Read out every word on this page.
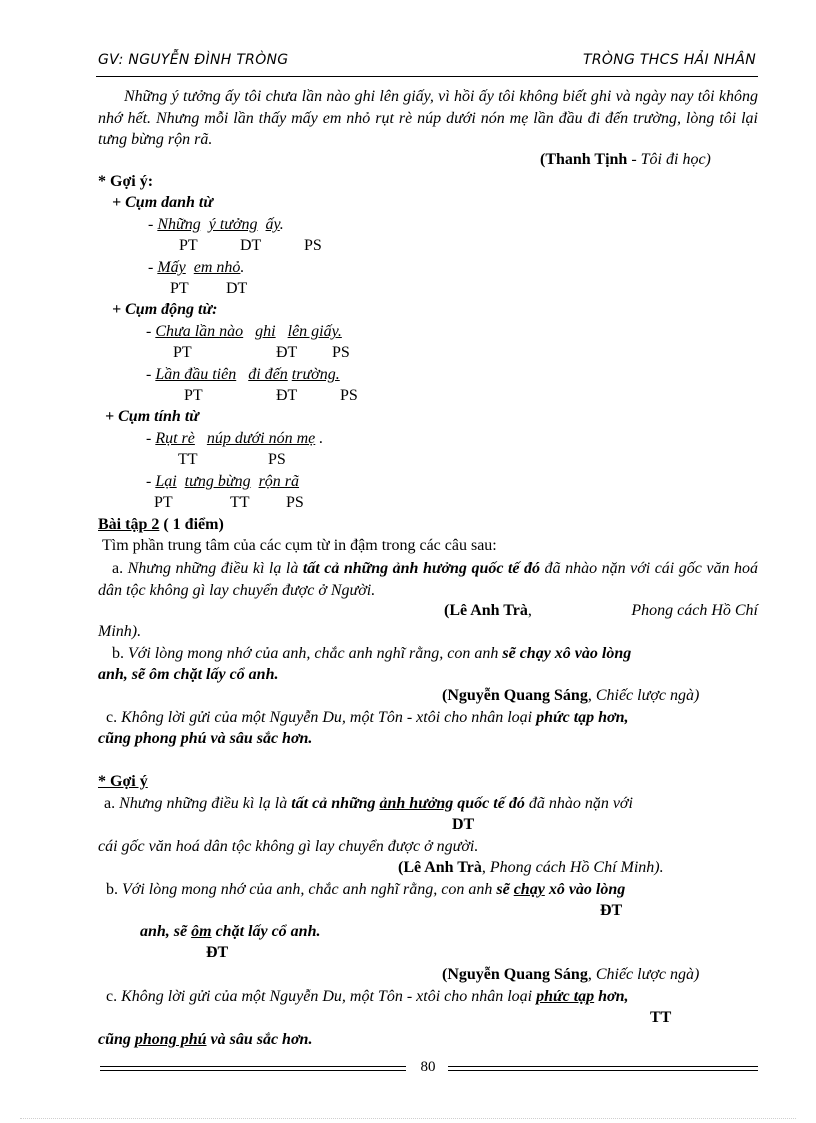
GV: NGUYỄN ĐÌNH TRÒNG	TRÒNG THCS HẢI NHÂN
Những ý tưởng ấy tôi chưa lần nào ghi lên giấy, vì hồi ấy tôi không biết ghi và ngày nay tôi không nhớ hết. Nhưng mỗi lần thấy mấy em nhỏ rụt rè núp dưới nón mẹ lần đầu đi đến trường, lòng tôi lại tưng bừng rộn rã.
(Thanh Tịnh - Tôi đi học)
* Gợi ý:
+ Cụm danh từ
- Những ý tưởng ấy.
PT	DT	PS
- Mấy em nhỏ.
PT DT
+ Cụm động từ:
- Chưa lần nào ghi lên giấy.
PT	ĐT PS
- Lần đầu tiên đi đến trường.
PT	ĐT	PS
+ Cụm tính từ
- Rụt rè núp dưới nón mẹ .
TT	PS
- Lại tưng bừng rộn rã
PT	TT PS
Bài tập 2 ( 1 điểm)
Tìm phần trung tâm của các cụm từ in đậm trong các câu sau:
a. Nhưng những điều kì lạ là tất cả những ảnh hưởng quốc tế đó đã nhào nặn với cái gốc văn hoá dân tộc không gì lay chuyển được ở Người.
(Lê Anh Trà,	Phong cách Hồ Chí
Minh).
b. Với lòng mong nhớ của anh, chắc anh nghĩ rằng, con anh sẽ chạy xô vào lòng
anh, sẽ ôm chặt lấy cổ anh.
(Nguyễn Quang Sáng, Chiếc lược ngà)
c. Không lời gửi của một Nguyễn Du, một Tôn - xtôi cho nhân loại phức tạp hơn,
cũng phong phú và sâu sắc hơn.
* Gợi ý
a. Nhưng những điều kì lạ là tất cả những ảnh hưởng quốc tế đó đã nhào nặn với
DT
cái gốc văn hoá dân tộc không gì lay chuyển được ở người.
(Lê Anh Trà, Phong cách Hồ Chí Minh).
b. Với lòng mong nhớ của anh, chắc anh nghĩ rằng, con anh sẽ chạy xô vào lòng
ĐT
anh, sẽ ôm chặt lấy cổ anh.
ĐT
(Nguyễn Quang Sáng, Chiếc lược ngà)
c. Không lời gửi của một Nguyễn Du, một Tôn - xtôi cho nhân loại phức tạp hơn,
TT
cũng phong phú và sâu sắc hơn.
80
